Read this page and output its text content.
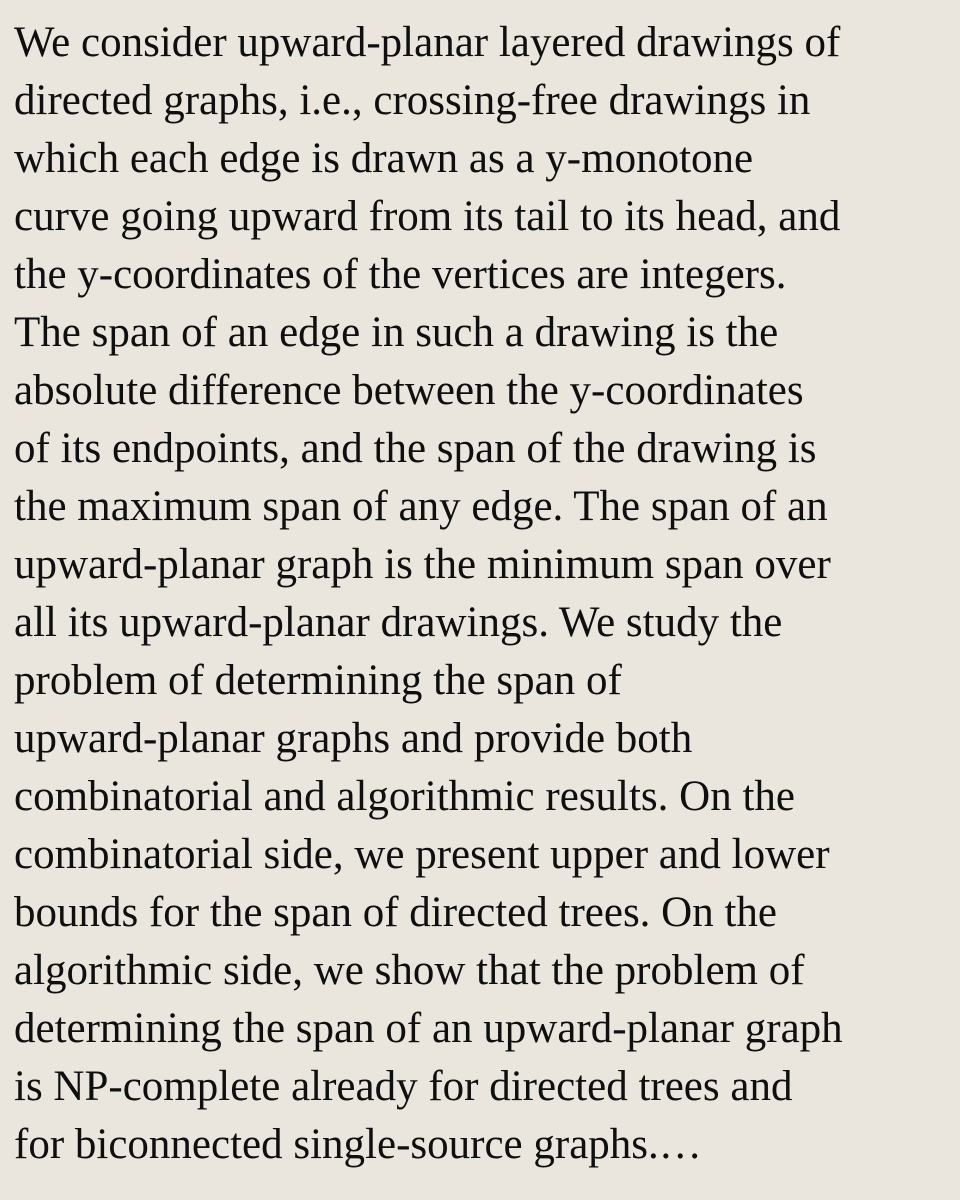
We consider upward-planar layered drawings of
directed graphs, i.e., crossing-free drawings in
which each edge is drawn as a y-monotone
curve going upward from its tail to its head, and
the y-coordinates of the vertices are integers.
The span of an edge in such a drawing is the
absolute difference between the y-coordinates
of its endpoints, and the span of the drawing is
the maximum span of any edge. The span of an
upward-planar graph is the minimum span over
all its upward-planar drawings. We study the
problem of determining the span of
upward-planar graphs and provide both
combinatorial and algorithmic results. On the
combinatorial side, we present upper and lower
bounds for the span of directed trees. On the
algorithmic side, we show that the problem of
determining the span of an upward-planar graph
is NP-complete already for directed trees and
for biconnected single-source graphs.…
